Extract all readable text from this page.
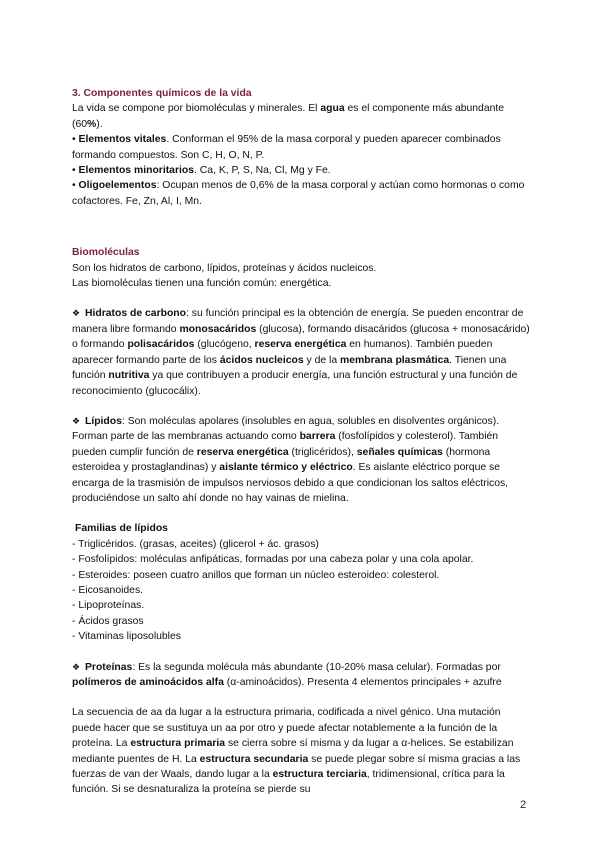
3. Componentes químicos de la vida

La vida se compone por biomoléculas y minerales. El agua es el componente más abundante (60%).

• Elementos vitales. Conforman el 95% de la masa corporal y pueden aparecer combinados formando compuestos. Son C, H, O, N, P.

• Elementos minoritarios. Ca, K, P, S, Na, Cl, Mg y Fe.

• Oligoelementos: Ocupan menos de 0,6% de la masa corporal y actúan como hormonas o como cofactores. Fe, Zn, Al, I, Mn.

Biomoléculas

Son los hidratos de carbono, lípidos, proteínas y ácidos nucleicos.

Las biomoléculas tienen una función común: energética.

❖ Hidratos de carbono: su función principal es la obtención de energía. Se pueden encontrar de manera libre formando monosacáridos (glucosa), formando disacáridos (glucosa + monosacárido) o formando polisacáridos (glucógeno, reserva energética en humanos). También pueden aparecer formando parte de los ácidos nucleicos y de la membrana plasmática. Tienen una función nutritiva ya que contribuyen a producir energía, una función estructural y una función de reconocimiento (glucocálix).

❖ Lípidos: Son moléculas apolares (insolubles en agua, solubles en disolventes orgánicos). Forman parte de las membranas actuando como barrera (fosfolípidos y colesterol). También pueden cumplir función de reserva energética (triglicéridos), señales químicas (hormona esteroidea y prostaglandinas) y aislante térmico y eléctrico. Es aislante eléctrico porque se encarga de la trasmisión de impulsos nerviosos debido a que condicionan los saltos eléctricos, produciéndose un salto ahí donde no hay vainas de mielina.

Familias de lípidos

- Triglicéridos. (grasas, aceites) (glicerol + ác. grasos)

- Fosfolípidos: moléculas anfipáticas, formadas por una cabeza polar y una cola apolar.

- Esteroides: poseen cuatro anillos que forman un núcleo esteroideo: colesterol.

- Eicosanoides.

- Lipoproteínas.

- Ácidos grasos

- Vitaminas liposolubles

❖ Proteínas: Es la segunda molécula más abundante (10-20% masa celular). Formadas por polímeros de aminoácidos alfa (α-aminoácidos). Presenta 4 elementos principales + azufre

La secuencia de aa da lugar a la estructura primaria, codificada a nivel génico. Una mutación puede hacer que se sustituya un aa por otro y puede afectar notablemente a la función de la proteína. La estructura primaria se cierra sobre sí misma y da lugar a α-helices. Se estabilizan mediante puentes de H. La estructura secundaria se puede plegar sobre sí misma gracias a las fuerzas de van der Waals, dando lugar a la estructura terciaria, tridimensional, crítica para la función. Si se desnaturaliza la proteína se pierde su

2
